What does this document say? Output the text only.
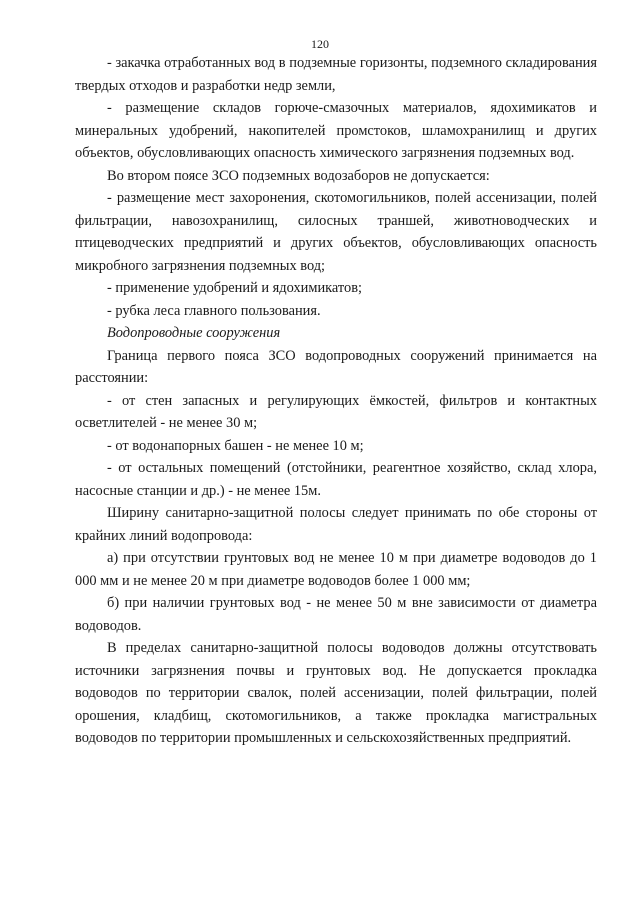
120

- закачка отработанных вод в подземные горизонты, подземного складирования твердых отходов и разработки недр земли,

- размещение складов горюче-смазочных материалов, ядохимикатов и минеральных удобрений, накопителей промстоков, шламохранилищ и других объектов, обусловливающих опасность химического загрязнения подземных вод.

Во втором поясе ЗСО подземных водозаборов не допускается:

- размещение мест захоронения, скотомогильников, полей ассенизации, полей фильтрации, навозохранилищ, силосных траншей, животноводческих и птицеводческих предприятий и других объектов, обусловливающих опасность микробного загрязнения подземных вод;

- применение удобрений и ядохимикатов;

- рубка леса главного пользования.

Водопроводные сооружения

Граница первого пояса ЗСО водопроводных сооружений принимается на расстоянии:

- от стен запасных и регулирующих ёмкостей, фильтров и контактных осветлителей - не менее 30 м;

- от водонапорных башен - не менее 10 м;

- от остальных помещений (отстойники, реагентное хозяйство, склад хлора, насосные станции и др.) - не менее 15м.

Ширину санитарно-защитной полосы следует принимать по обе стороны от крайних линий водопровода:

а) при отсутствии грунтовых вод не менее 10 м при диаметре водоводов до 1 000 мм и не менее 20 м при диаметре водоводов более 1 000 мм;

б) при наличии грунтовых вод - не менее 50 м вне зависимости от диаметра водоводов.

В пределах санитарно-защитной полосы водоводов должны отсутствовать источники загрязнения почвы и грунтовых вод. Не допускается прокладка водоводов по территории свалок, полей ассенизации, полей фильтрации, полей орошения, кладбищ, скотомогильников, а также прокладка магистральных водоводов по территории промышленных и сельскохозяйственных предприятий.
